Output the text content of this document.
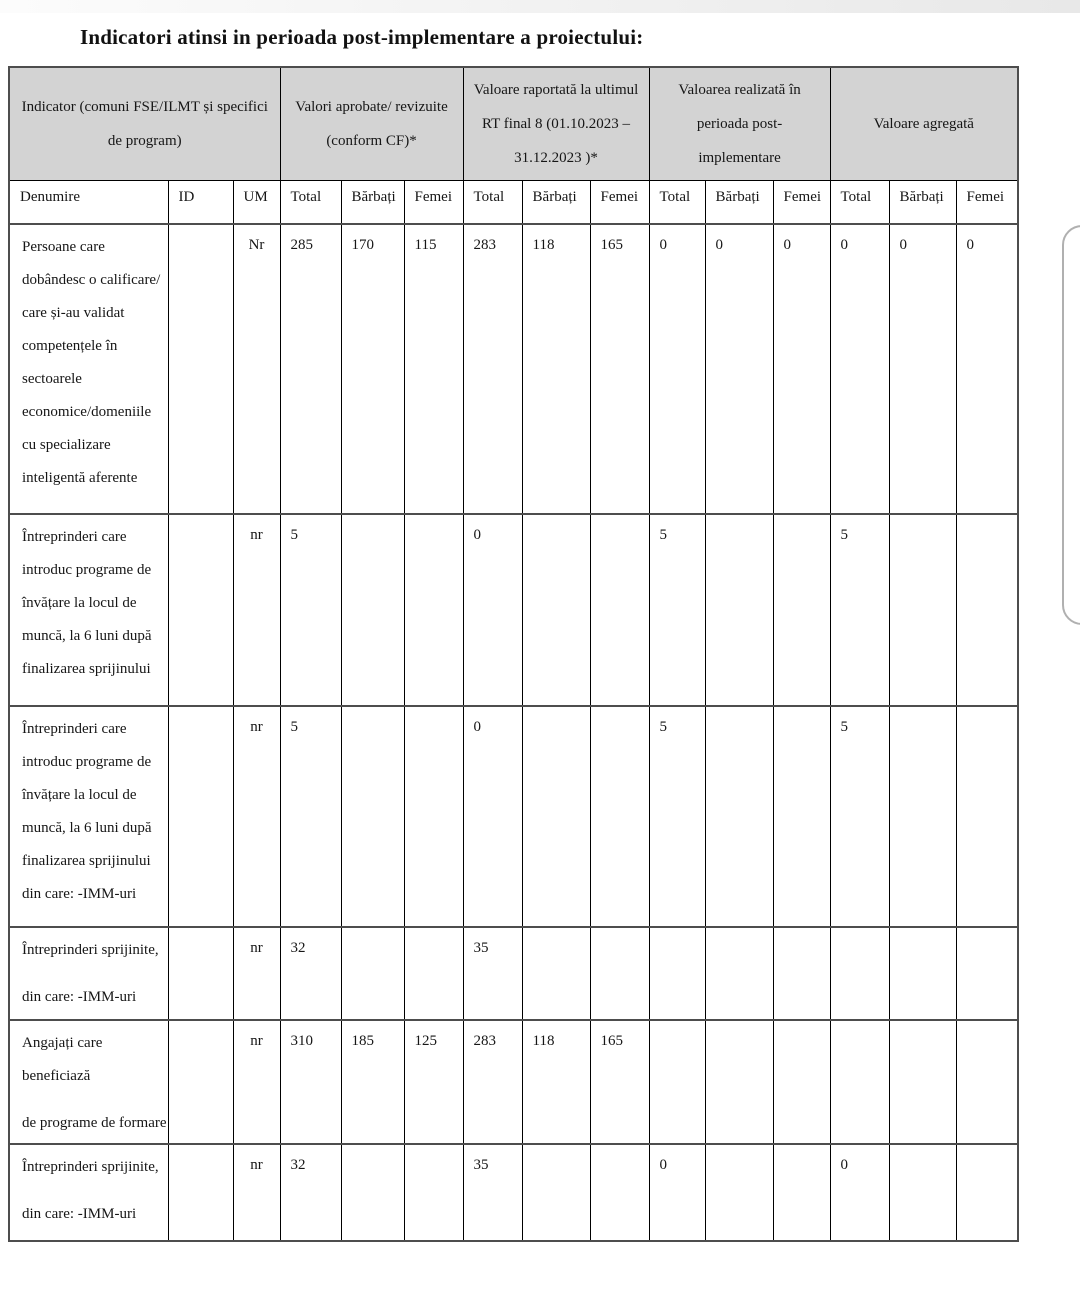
Indicatori atinsi in perioada post-implementare a proiectului:
Indicator (comuni FSE/ILMT și specifici
de program)

Valori aprobate/ revizuite
(conform CF)*

Valoare raportată la ultimul
RT final 8 (01.10.2023 –
31.12.2023 )*

Valoarea realizată în
perioada post-
implementare

Valoare agregată

Denumire	ID	UM	Total	Bărbați	Femei	Total	Bărbați	Femei	Total	Bărbați	Femei	Total	Bărbați	Femei

Persoane care
dobândesc o calificare/
care și-au validat
competențele în
sectoarele
economice/domeniile
cu specializare
inteligentă aferente
		Nr	285	170	115	283	118	165	0	0	0	0	0	0

Întreprinderi care
introduc programe de
învățare la locul de
muncă, la 6 luni după
finalizarea sprijinului		nr	5			0			5			5		

Întreprinderi care
introduc programe de
învățare la locul de
muncă, la 6 luni după
finalizarea sprijinului
din care: -IMM-uri
		nr	5			0			5			5		

Întreprinderi sprijinite,
din care: -IMM-uri		nr	32			35								

Angajați care
beneficiază
de programe de formare		nr	310	185	125	283	118	165						

Întreprinderi sprijinite,
din care: -IMM-uri		nr	32			35			0			0		
